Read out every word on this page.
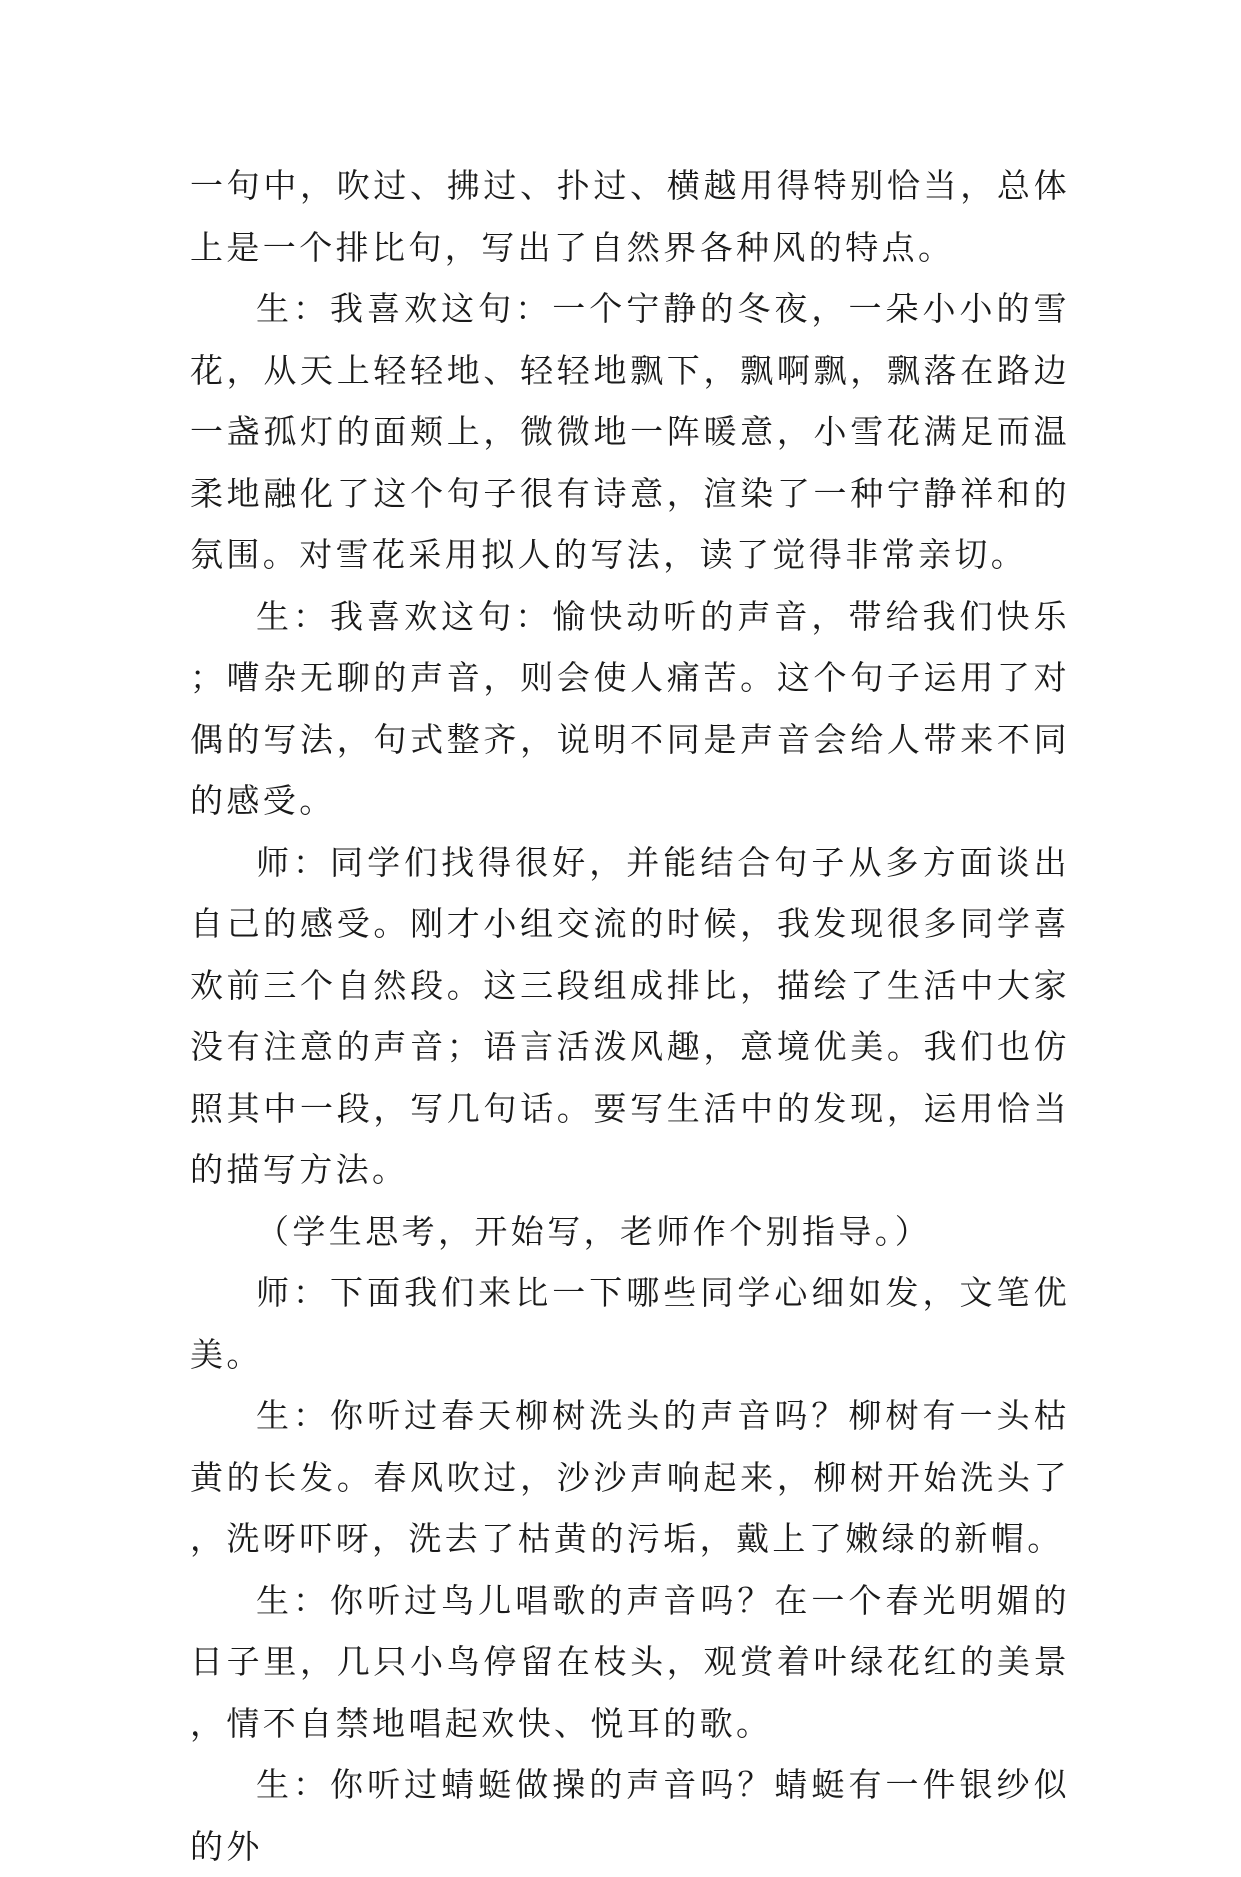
一句中，吹过、拂过、扑过、横越用得特别恰当，总体上是一个排比句，写出了自然界各种风的特点。

生：我喜欢这句：一个宁静的冬夜，一朵小小的雪花，从天上轻轻地、轻轻地飘下，飘啊飘，飘落在路边一盏孤灯的面颊上，微微地一阵暖意，小雪花满足而温柔地融化了这个句子很有诗意，渲染了一种宁静祥和的氛围。对雪花采用拟人的写法，读了觉得非常亲切。

生：我喜欢这句：愉快动听的声音，带给我们快乐；嘈杂无聊的声音，则会使人痛苦。这个句子运用了对偶的写法，句式整齐，说明不同是声音会给人带来不同的感受。

师：同学们找得很好，并能结合句子从多方面谈出自己的感受。刚才小组交流的时候，我发现很多同学喜欢前三个自然段。这三段组成排比，描绘了生活中大家没有注意的声音；语言活泼风趣，意境优美。我们也仿照其中一段，写几句话。要写生活中的发现，运用恰当的描写方法。

（学生思考，开始写，老师作个别指导。）

师：下面我们来比一下哪些同学心细如发，文笔优美。

生：你听过春天柳树洗头的声音吗？柳树有一头枯黄的长发。春风吹过，沙沙声响起来，柳树开始洗头了，洗呀吓呀，洗去了枯黄的污垢，戴上了嫩绿的新帽。

生：你听过鸟儿唱歌的声音吗？在一个春光明媚的日子里，几只小鸟停留在枝头，观赏着叶绿花红的美景，情不自禁地唱起欢快、悦耳的歌。

生：你听过蜻蜓做操的声音吗？蜻蜓有一件银纱似的外
